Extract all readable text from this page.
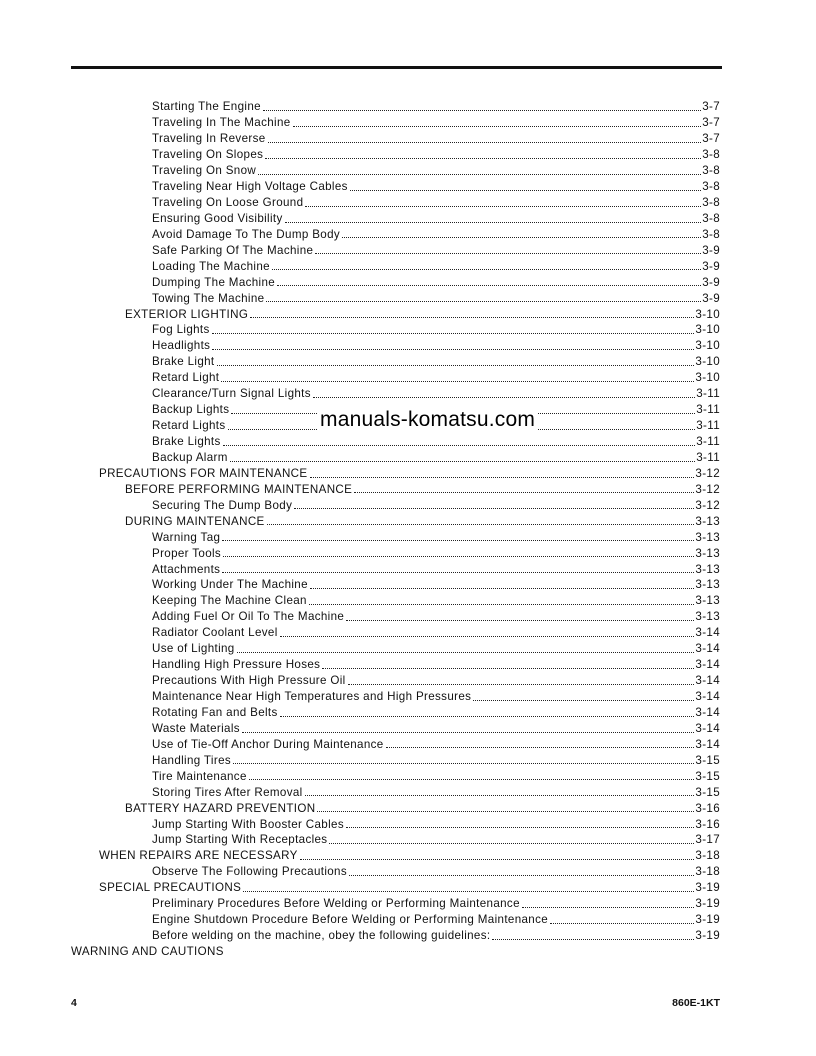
Starting The Engine	3-7
Traveling In The Machine	3-7
Traveling In Reverse	3-7
Traveling On Slopes	3-8
Traveling On Snow	3-8
Traveling Near High Voltage Cables	3-8
Traveling On Loose Ground	3-8
Ensuring Good Visibility	3-8
Avoid Damage To The Dump Body	3-8
Safe Parking Of The Machine	3-9
Loading The Machine	3-9
Dumping The Machine	3-9
Towing The Machine	3-9
EXTERIOR LIGHTING	3-10
Fog Lights	3-10
Headlights	3-10
Brake Light	3-10
Retard Light	3-10
Clearance/Turn Signal Lights	3-11
Backup Lights	3-11
Retard Lights	3-11
Brake Lights	3-11
Backup Alarm	3-11
PRECAUTIONS FOR MAINTENANCE	3-12
BEFORE PERFORMING MAINTENANCE	3-12
Securing The Dump Body	3-12
DURING MAINTENANCE	3-13
Warning Tag	3-13
Proper Tools	3-13
Attachments	3-13
Working Under The Machine	3-13
Keeping The Machine Clean	3-13
Adding Fuel Or Oil To The Machine	3-13
Radiator Coolant Level	3-14
Use of Lighting	3-14
Handling High Pressure Hoses	3-14
Precautions With High Pressure Oil	3-14
Maintenance Near High Temperatures and High Pressures	3-14
Rotating Fan and Belts	3-14
Waste Materials	3-14
Use of Tie-Off Anchor During Maintenance	3-14
Handling Tires	3-15
Tire Maintenance	3-15
Storing Tires After Removal	3-15
BATTERY HAZARD PREVENTION	3-16
Jump Starting With Booster Cables	3-16
Jump Starting With Receptacles	3-17
WHEN REPAIRS ARE NECESSARY	3-18
Observe The Following Precautions	3-18
SPECIAL PRECAUTIONS	3-19
Preliminary Procedures Before Welding or Performing Maintenance	3-19
Engine Shutdown Procedure Before Welding or Performing Maintenance	3-19
Before welding on the machine, obey the following guidelines:	3-19
WARNING AND CAUTIONS
manuals-komatsu.com
4	860E-1KT
